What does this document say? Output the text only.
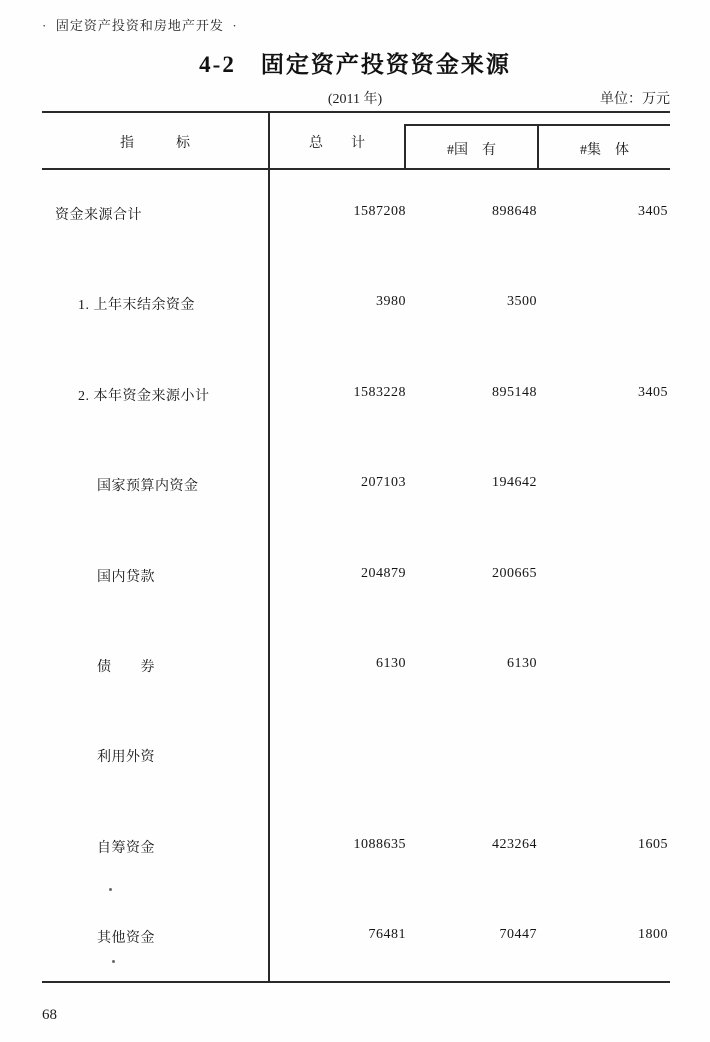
·  固定资产投资和房地产开发  ·
4-2　固定资产投资资金来源
(2011 年)	单位：万元
指　　　标	总　　计	#国　有	#集　体
资金来源合计	1587208	898648	3405
1. 上年末结余资金	3980	3500
2. 本年资金来源小计	1583228	895148	3405
国家预算内资金	207103	194642
国内贷款	204879	200665
债　　券	6130	6130
利用外资
自筹资金	1088635	423264	1605
其他资金	76481	70447	1800
68
